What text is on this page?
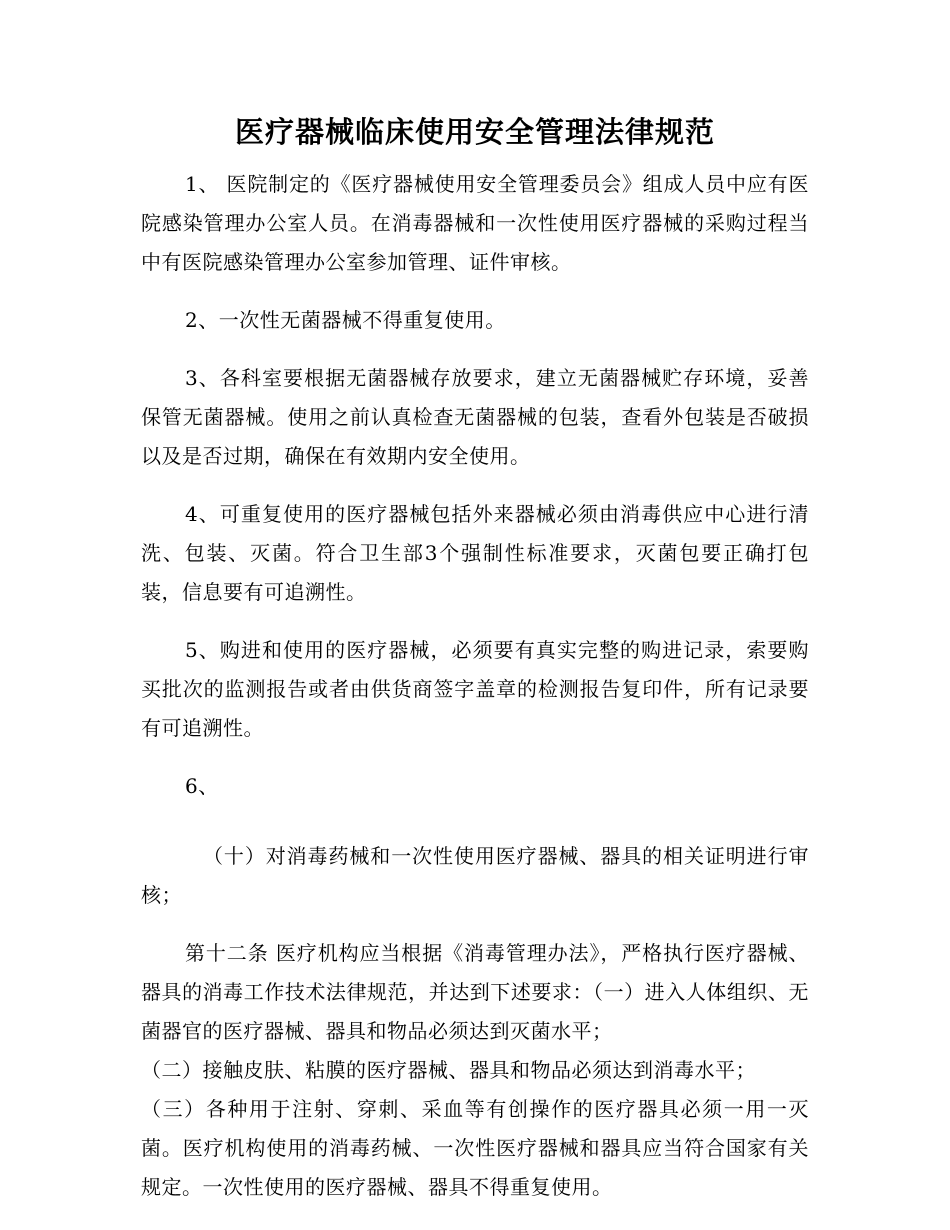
医疗器械临床使用安全管理法律规范

1、 医院制定的《医疗器械使用安全管理委员会》组成人员中应有医院感染管理办公室人员。在消毒器械和一次性使用医疗器械的采购过程当中有医院感染管理办公室参加管理、证件审核。

2、一次性无菌器械不得重复使用。

3、各科室要根据无菌器械存放要求，建立无菌器械贮存环境，妥善保管无菌器械。使用之前认真检查无菌器械的包装，查看外包装是否破损以及是否过期，确保在有效期内安全使用。

4、可重复使用的医疗器械包括外来器械必须由消毒供应中心进行清洗、包装、灭菌。符合卫生部3个强制性标准要求，灭菌包要正确打包装，信息要有可追溯性。

5、购进和使用的医疗器械，必须要有真实完整的购进记录，索要购买批次的监测报告或者由供货商签字盖章的检测报告复印件，所有记录要有可追溯性。

6、

（十）对消毒药械和一次性使用医疗器械、器具的相关证明进行审核；

第十二条 医疗机构应当根据《消毒管理办法》，严格执行医疗器械、器具的消毒工作技术法律规范，并达到下述要求：（一）进入人体组织、无菌器官的医疗器械、器具和物品必须达到灭菌水平；

（二）接触皮肤、粘膜的医疗器械、器具和物品必须达到消毒水平；

（三）各种用于注射、穿刺、采血等有创操作的医疗器具必须一用一灭菌。医疗机构使用的消毒药械、一次性医疗器械和器具应当符合国家有关规定。一次性使用的医疗器械、器具不得重复使用。
